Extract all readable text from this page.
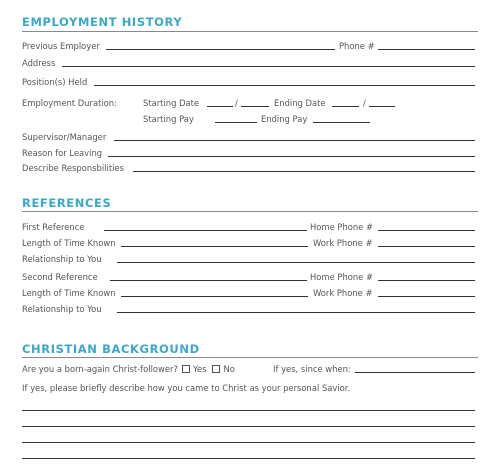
EMPLOYMENT HISTORY
Previous Employer	Phone #
Address
Position(s) Held
Employment Duration:	Starting Date	/	Ending Date	/
Starting Pay	Ending Pay
Supervisor/Manager
Reason for Leaving
Describe Responsbilities
REFERENCES
First Reference	Home Phone #
Length of Time Known	Work Phone #
Relationship to You
Second Reference	Home Phone #
Length of Time Known	Work Phone #
Relationship to You
CHRISTIAN BACKGROUND
Are you a born-again Christ-follower? Yes No	If yes, since when:
If yes, please briefly describe how you came to Christ as your personal Savior.
